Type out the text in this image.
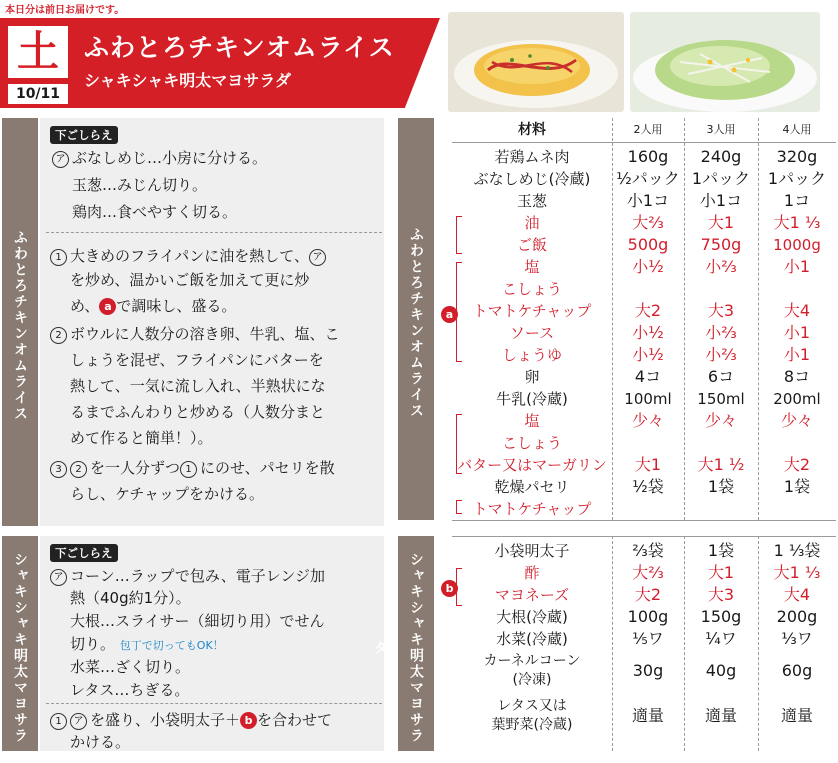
本日分は前日お届けです。
土
10/11
ふわとろチキンオムライス
シャキシャキ明太マヨサラダ
ふわとろチキンオムライス
下ごしらえ
ア ぶなしめじ…小房に分ける。
玉葱…みじん切り。
鶏肉…食べやすく切る。
1 大きめのフライパンに油を熱して、 ア
を炒め、温かいご飯を加えて更に炒
め、 a で調味し、盛る。
2 ボウルに人数分の溶き卵、牛乳、塩、こ
しょうを混ぜ、フライパンにバターを
熱して、一気に流し入れ、半熟状にな
るまでふんわりと炒める（人数分まと
めて作ると簡単！）。
3 2 を一人分ずつ 1 にのせ、パセリを散
らし、ケチャップをかける。
シャキシャキ明太マヨサラ
下ごしらえ
ア コーン…ラップで包み、電子レンジ加
熱（40g約1分）。
大根…スライサー（細切り用）でせん
切り。 包丁で切ってもOK！
水菜…ざく切り。
レタス…ちぎる。
1 ア を盛り、小袋明太子＋ b を合わせて
かける。
ふわとろチキンオムライス
シャキシャキ明太マヨサラダ
材料	2人用	3人用	4人用
若鶏ムネ肉	160g	240g	320g
ぶなしめじ(冷蔵)	½パック 1パック	1パック
玉葱	小1コ	小1コ	1コ
油	大⅔	大1	大1 ⅓
ご飯	500g	750g	1000g
塩	小½	小⅔	小1
こしょう
トマトケチャップ	大2	大3	大4
ソース	小½	小⅔	小1
しょうゆ	小½	小⅔	小1
卵	4コ	6コ	8コ
牛乳(冷蔵)	100ml	150ml	200ml
塩	少々	少々	少々
こしょう
バター又はマーガリン	大1	大1 ½	大2
乾燥パセリ	½袋	1袋	1袋
トマトケチャップ
小袋明太子	⅔袋	1袋	1 ⅓袋
酢	大⅔	大1	大1 ⅓
マヨネーズ	大2	大3	大4
大根(冷蔵)	100g	150g	200g
水菜(冷蔵)	⅕ワ	¼ワ	⅓ワ
カーネルコーン
(冷凍)	30g	40g	60g
レタス又は
葉野菜(冷蔵)	適量	適量	適量
a
b
